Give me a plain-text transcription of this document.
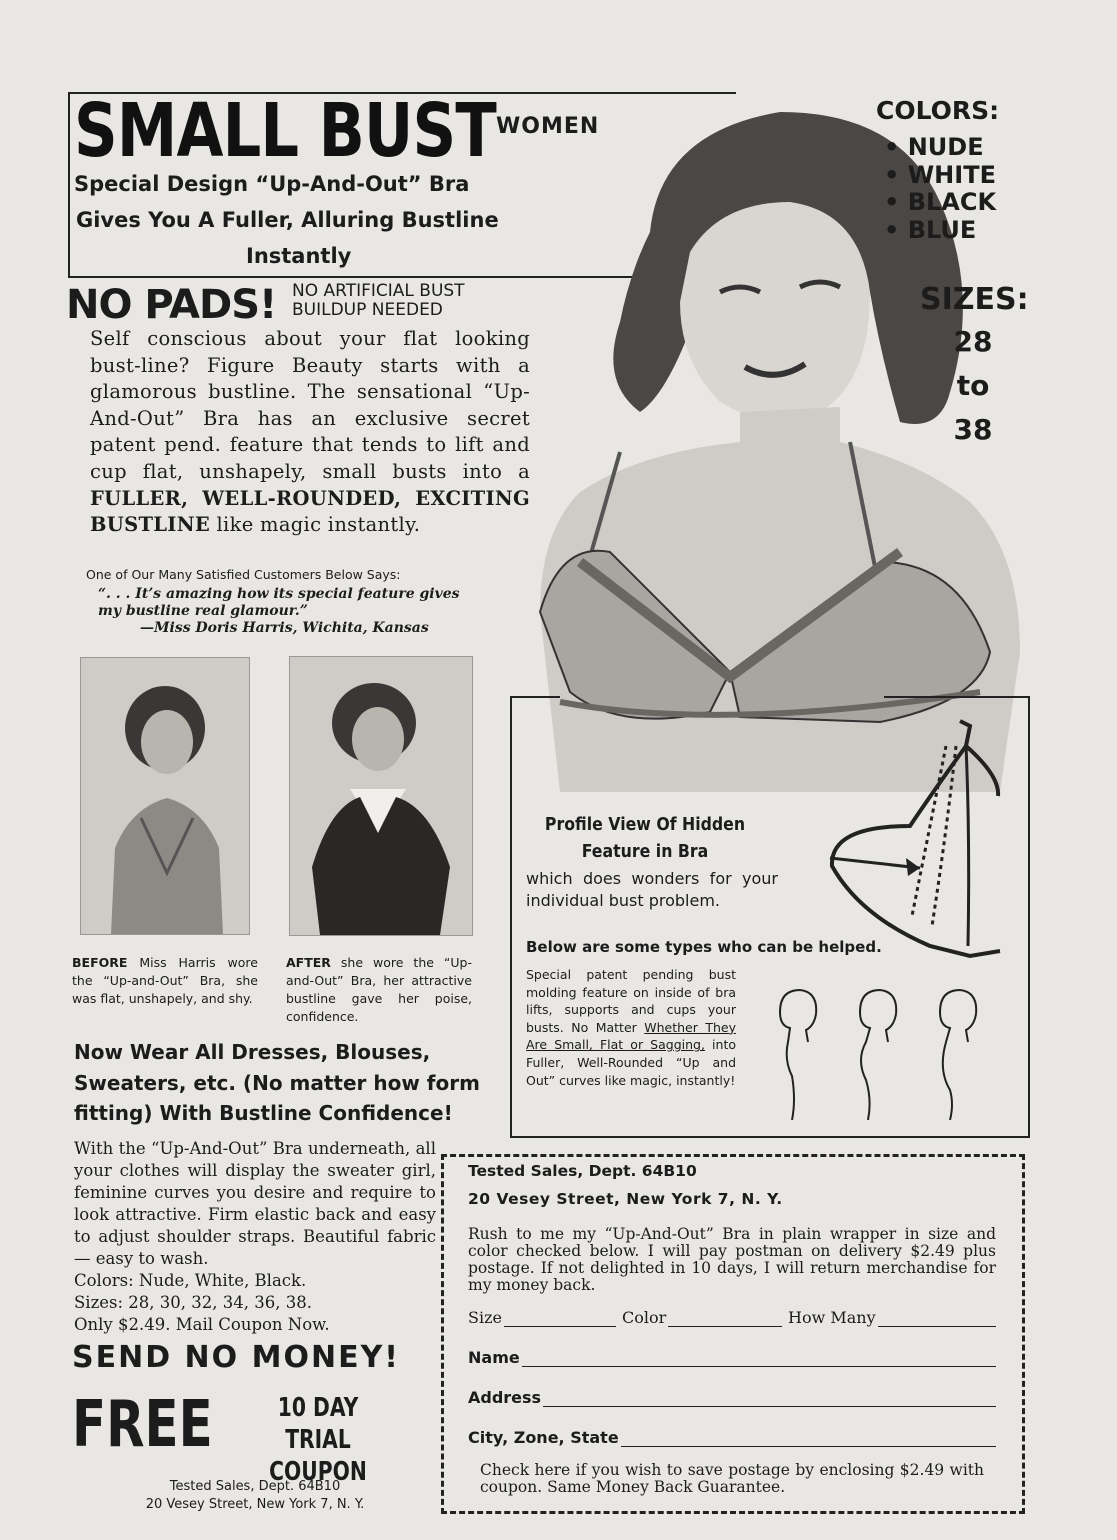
SMALL BUST WOMEN
Special Design “Up-And-Out” Bra
Gives You A Fuller, Alluring Bustline
Instantly
NO PADS! NO ARTIFICIAL BUST
BUILDUP NEEDED
Self conscious about your flat looking bust-line? Figure Beauty starts with a glamorous bustline. The sensational “Up-And-Out” Bra has an exclusive secret patent pend. feature that tends to lift and cup flat, unshapely, small busts into a FULLER, WELL-ROUNDED, EXCITING BUSTLINE like magic instantly.
One of Our Many Satisfied Customers Below Says:
“. . . It’s amazing how its special feature gives my bustline real glamour.”
—Miss Doris Harris, Wichita, Kansas
BEFORE Miss Harris wore the “Up-and-Out” Bra, she was flat, unshapely, and shy.
AFTER she wore the “Up-and-Out” Bra, her attractive bustline gave her poise, confidence.
Now Wear All Dresses, Blouses, Sweaters, etc. (No matter how form fitting) With Bustline Confidence!
With the “Up-And-Out” Bra underneath, all your clothes will display the sweater girl, feminine curves you desire and require to look attractive. Firm elastic back and easy to adjust shoulder straps. Beautiful fabric — easy to wash.
Colors: Nude, White, Black.
Sizes: 28, 30, 32, 34, 36, 38.
Only $2.49. Mail Coupon Now.
SEND NO MONEY!
FREE	10 DAY
TRIAL COUPON
Tested Sales, Dept. 64B10
20 Vesey Street, New York 7, N. Y.
COLORS:
• NUDE
• WHITE
• BLACK
• BLUE
SIZES:
28
to
38
Profile View Of Hidden
Feature in Bra
which does wonders for your individual bust problem.
Below are some types who can be helped.
Special patent pending bust molding feature on inside of bra lifts, supports and cups your busts. No Matter Whether They Are Small, Flat or Sagging, into Fuller, Well-Rounded “Up and Out” curves like magic, instantly!
Tested Sales, Dept. 64B10
20 Vesey Street, New York 7, N. Y.
Rush to me my “Up-And-Out” Bra in plain wrapper in size and color checked below. I will pay postman on delivery $2.49 plus postage. If not delighted in 10 days, I will return merchandise for my money back.
Size	Color	How Many
Name
Address
City, Zone, State
Check here if you wish to save postage by enclosing $2.49 with coupon. Same Money Back Guarantee.
